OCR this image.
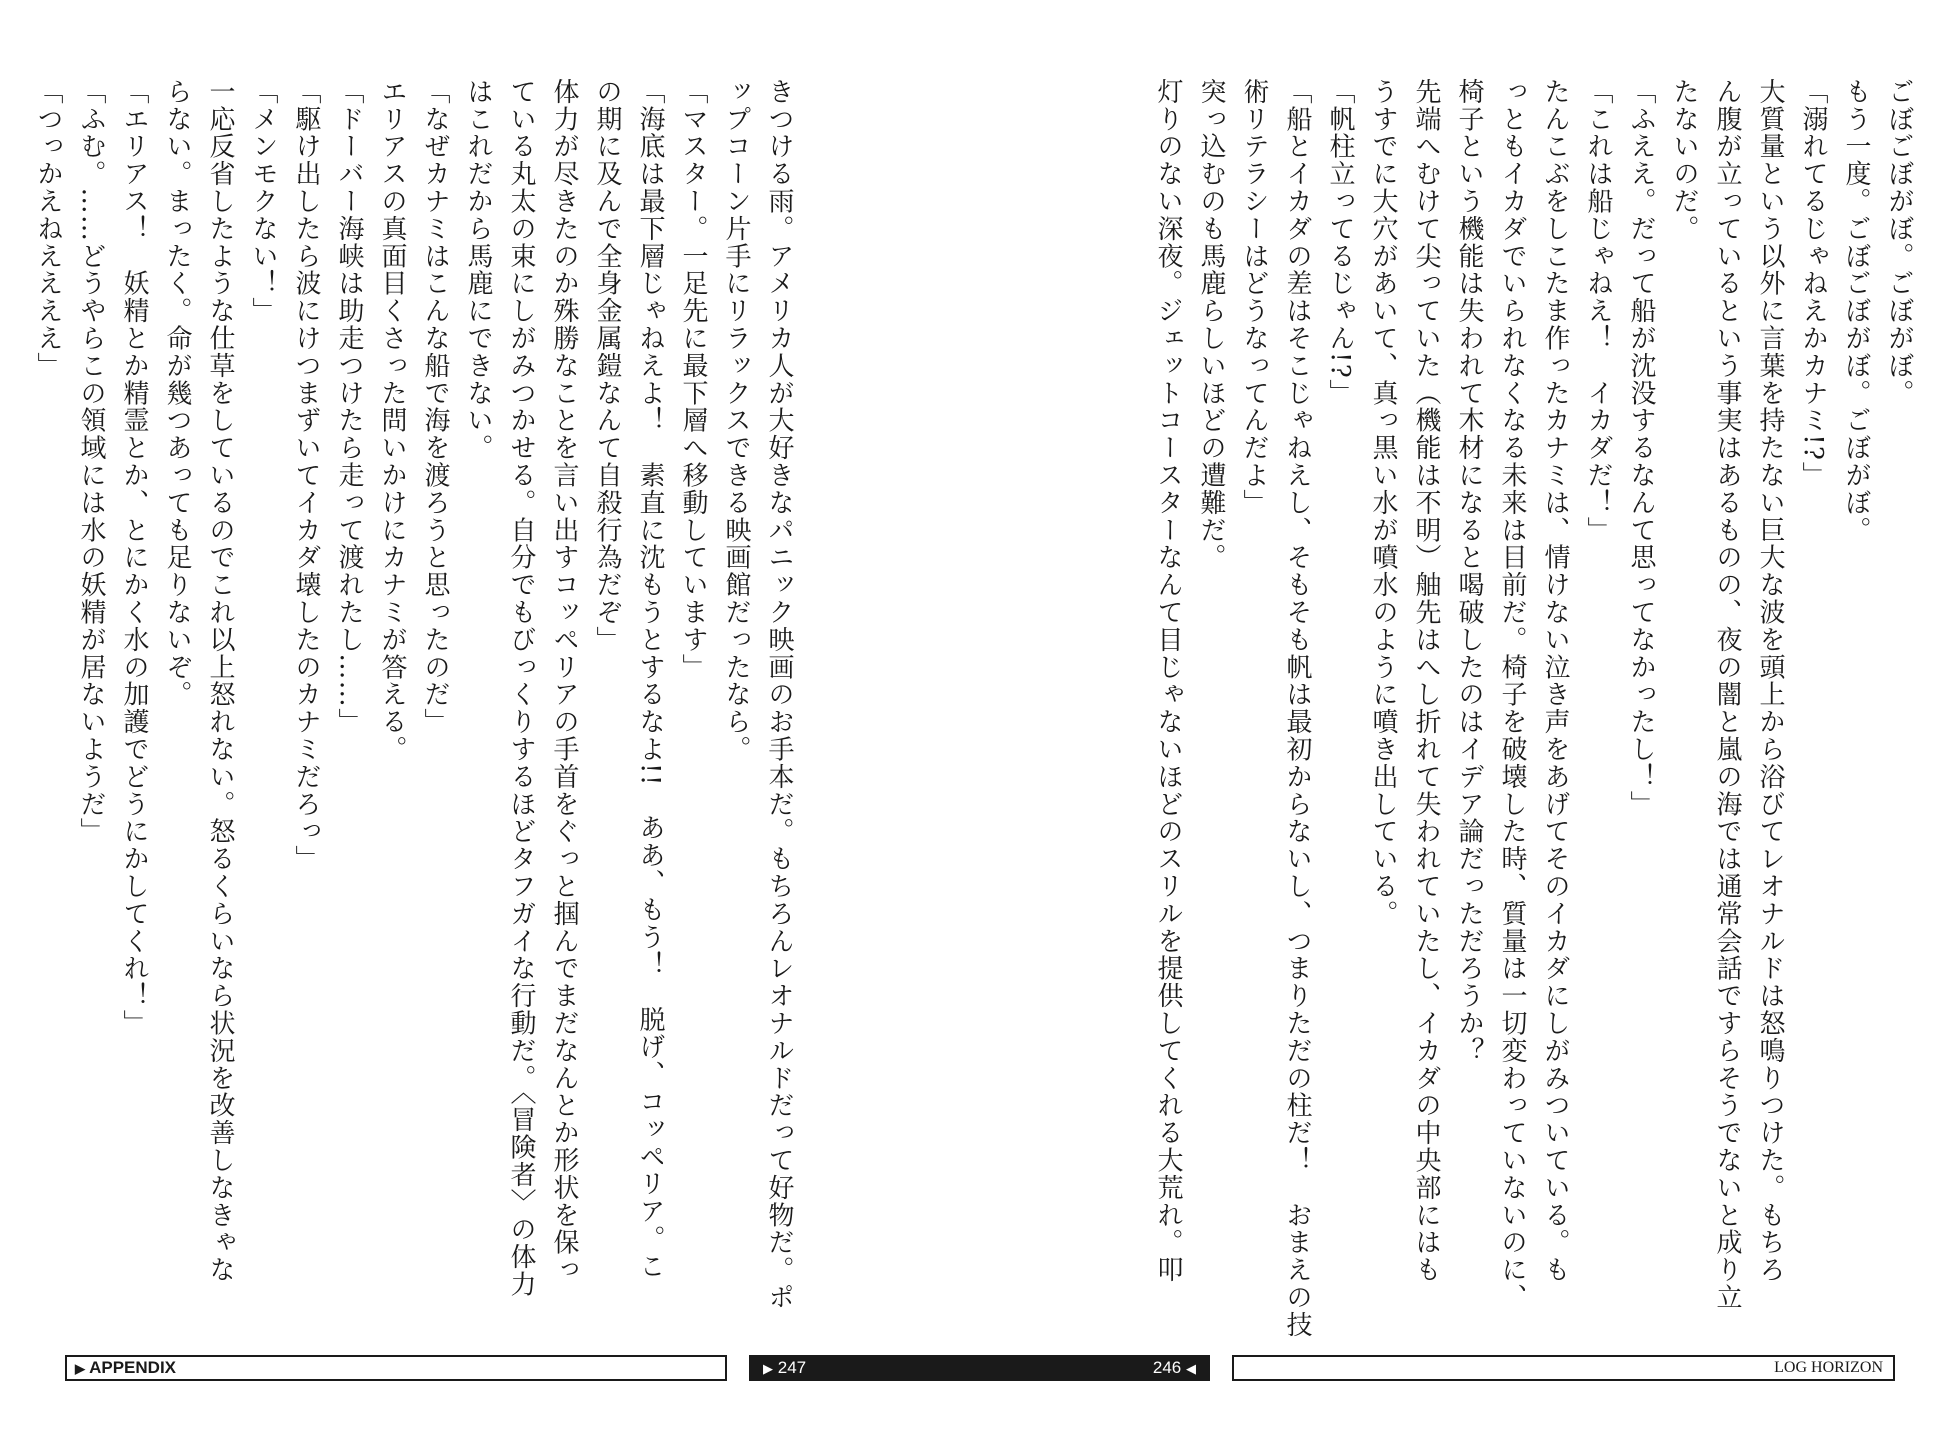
ごぼごぼがぼ。ごぼがぼ。
もう一度。ごぼごぼがぼ。ごぼがぼ。
「溺れてるじゃねえかカナミ!?」
大質量という以外に言葉を持たない巨大な波を頭上から浴びてレオナルドは怒鳴りつけた。もちろ
ん腹が立っているという事実はあるものの、夜の闇と嵐の海では通常会話ですらそうでないと成り立
たないのだ。
「ふええ。だって船が沈没するなんて思ってなかったし！」
「これは船じゃねえ！　イカダだ！」
たんこぶをしこたま作ったカナミは、情けない泣き声をあげてそのイカダにしがみついている。も
っともイカダでいられなくなる未来は目前だ。椅子を破壊した時、質量は一切変わっていないのに、
椅子という機能は失われて木材になると喝破したのはイデア論だっただろうか？
先端へむけて尖っていた（機能は不明）舳先はへし折れて失われていたし、イカダの中央部にはも
うすでに大穴があいて、真っ黒い水が噴水のように噴き出している。
「帆柱立ってるじゃん!?」
「船とイカダの差はそこじゃねえし、そもそも帆は最初からないし、つまりただの柱だ！　おまえの技
術リテラシーはどうなってんだよ」
突っ込むのも馬鹿らしいほどの遭難だ。
灯りのない深夜。ジェットコースターなんて目じゃないほどのスリルを提供してくれる大荒れ。叩
きつける雨。アメリカ人が大好きなパニック映画のお手本だ。もちろんレオナルドだって好物だ。ポ
ップコーン片手にリラックスできる映画館だったなら。
「マスター。一足先に最下層へ移動しています」
「海底は最下層じゃねえよ！　素直に沈もうとするなよ!!　ああ、もう！　脱げ、コッペリア。こ
の期に及んで全身金属鎧なんて自殺行為だぞ」
体力が尽きたのか殊勝なことを言い出すコッペリアの手首をぐっと掴んでまだなんとか形状を保っ
ている丸太の束にしがみつかせる。自分でもびっくりするほどタフガイな行動だ。〈冒険者〉の体力
はこれだから馬鹿にできない。
「なぜカナミはこんな船で海を渡ろうと思ったのだ」
エリアスの真面目くさった問いかけにカナミが答える。
「ドーバー海峡は助走つけたら走って渡れたし……」
「駆け出したら波にけつまずいてイカダ壊したのカナミだろっ」
「メンモクない！」
一応反省したような仕草をしているのでこれ以上怒れない。怒るくらいなら状況を改善しなきゃな
らない。まったく。命が幾つあっても足りないぞ。
「エリアス！　妖精とか精霊とか、とにかく水の加護でどうにかしてくれ！」
「ふむ。……どうやらこの領域には水の妖精が居ないようだ」
「つっかえねええええ」
▶ APPENDIX	▶ 247	246 ◀	LOG HORIZON
